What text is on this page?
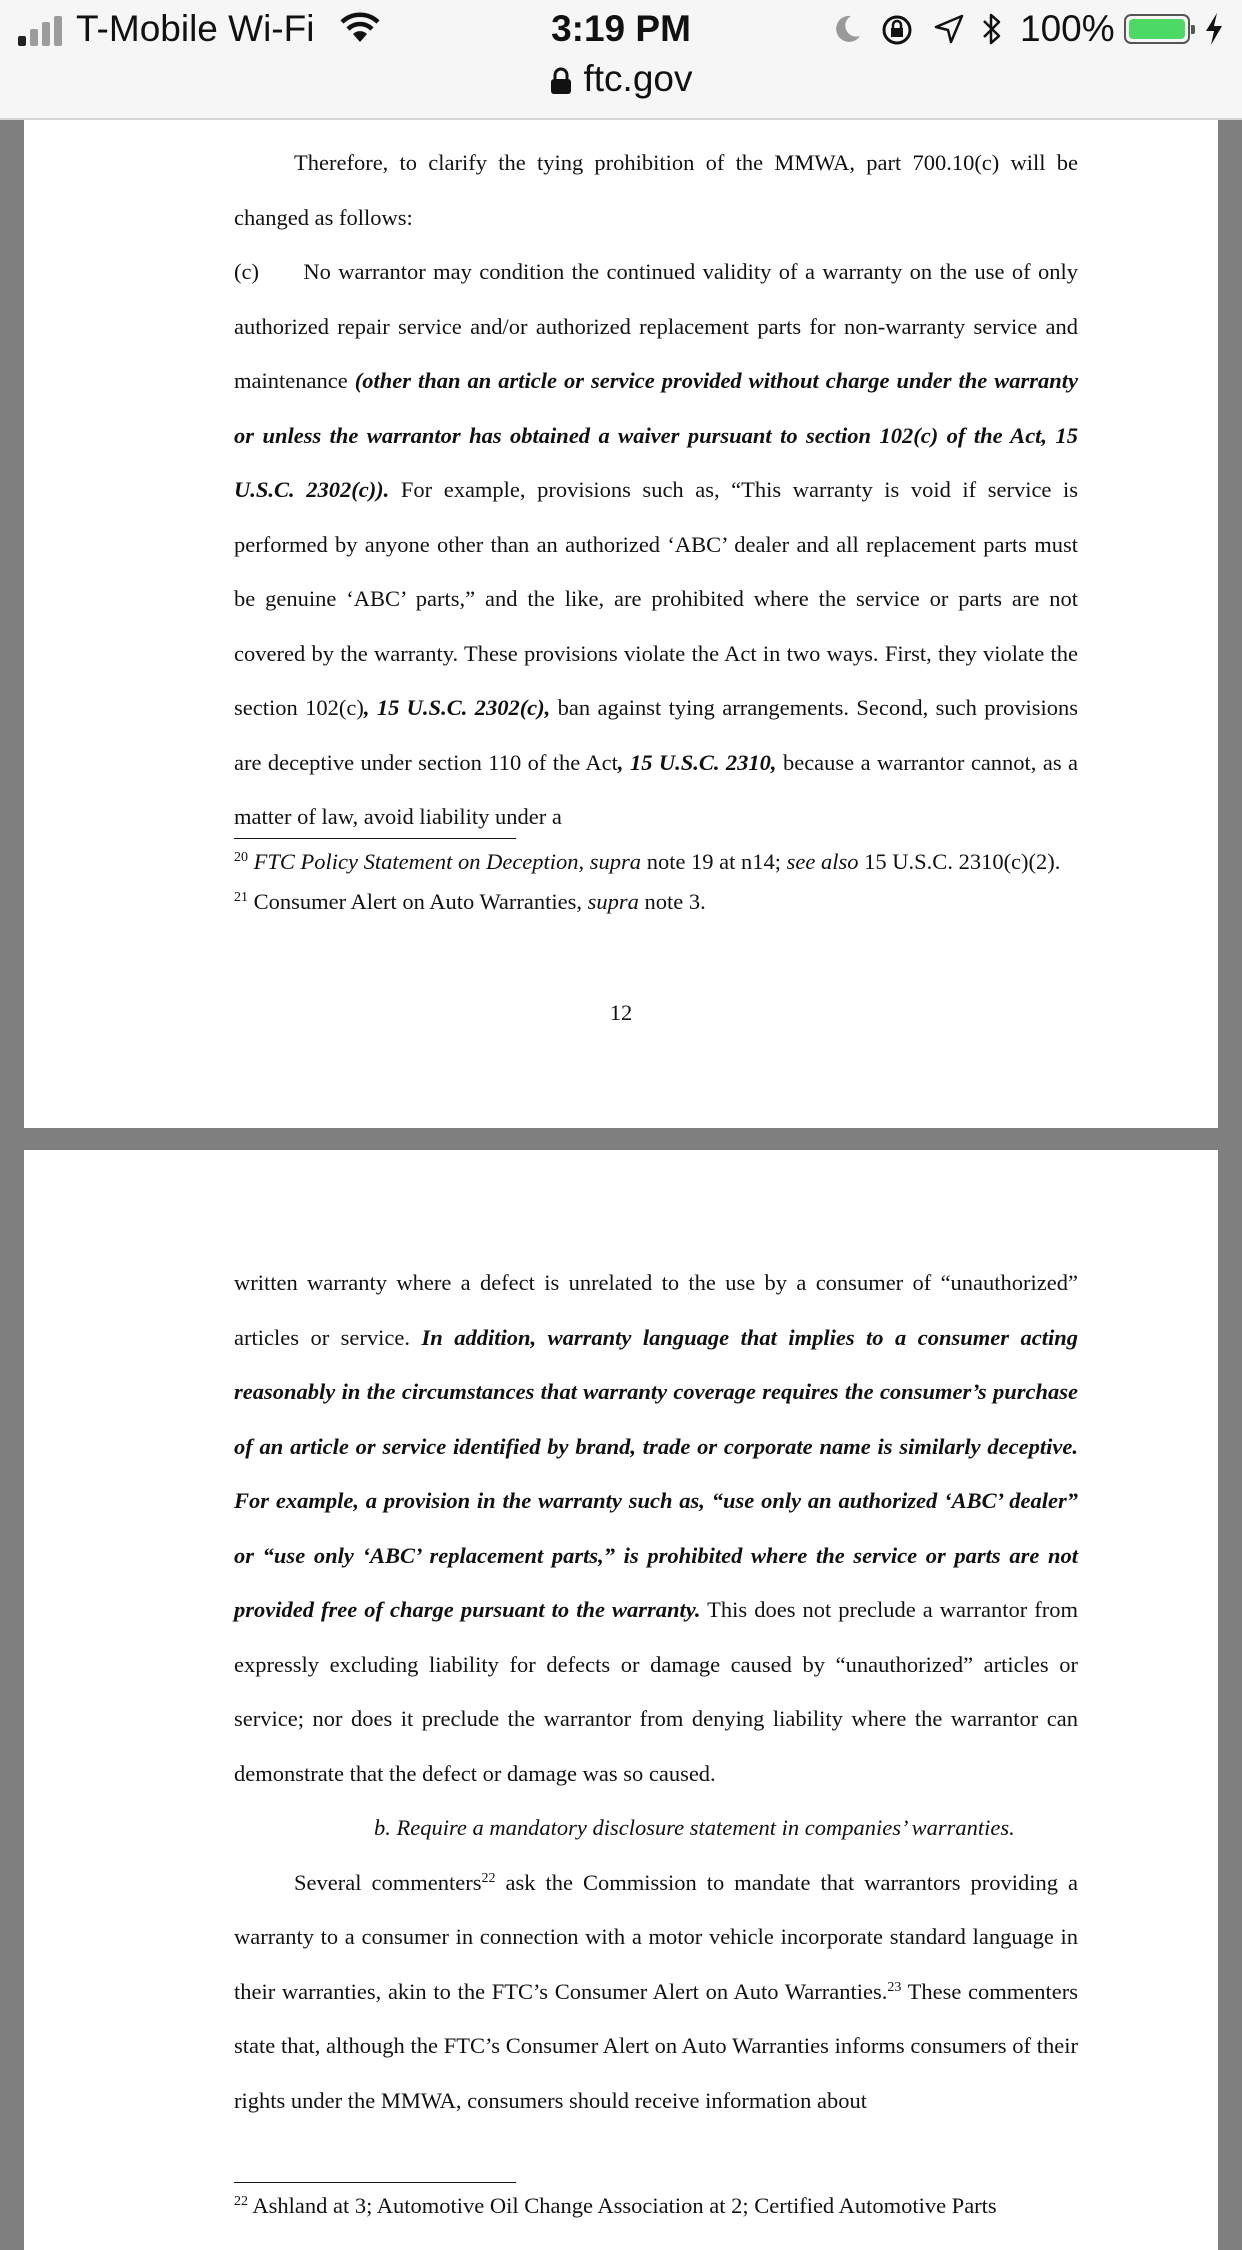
T-Mobile Wi-Fi	3:19 PM	100%
ftc.gov

Therefore, to clarify the tying prohibition of the MMWA, part 700.10(c) will be changed as follows:

(c) No warrantor may condition the continued validity of a warranty on the use of only authorized repair service and/or authorized replacement parts for non-warranty service and maintenance (other than an article or service provided without charge under the warranty or unless the warrantor has obtained a waiver pursuant to section 102(c) of the Act, 15 U.S.C. 2302(c)). For example, provisions such as, “This warranty is void if service is performed by anyone other than an authorized ‘ABC’ dealer and all replacement parts must be genuine ‘ABC’ parts,” and the like, are prohibited where the service or parts are not covered by the warranty. These provisions violate the Act in two ways. First, they violate the section 102(c), 15 U.S.C. 2302(c), ban against tying arrangements. Second, such provisions are deceptive under section 110 of the Act, 15 U.S.C. 2310, because a warrantor cannot, as a matter of law, avoid liability under a

$^{20}$ FTC Policy Statement on Deception, supra note 19 at n14; see also 15 U.S.C. 2310(c)(2).

$^{21}$ Consumer Alert on Auto Warranties, supra note 3.

12

written warranty where a defect is unrelated to the use by a consumer of “unauthorized” articles or service. In addition, warranty language that implies to a consumer acting reasonably in the circumstances that warranty coverage requires the consumer’s purchase of an article or service identified by brand, trade or corporate name is similarly deceptive. For example, a provision in the warranty such as, “use only an authorized ‘ABC’ dealer” or “use only ‘ABC’ replacement parts,” is prohibited where the service or parts are not provided free of charge pursuant to the warranty. This does not preclude a warrantor from expressly excluding liability for defects or damage caused by “unauthorized” articles or service; nor does it preclude the warrantor from denying liability where the warrantor can demonstrate that the defect or damage was so caused.

b. Require a mandatory disclosure statement in companies’ warranties.

Several commenters$^{22}$ ask the Commission to mandate that warrantors providing a warranty to a consumer in connection with a motor vehicle incorporate standard language in their warranties, akin to the FTC’s Consumer Alert on Auto Warranties.$^{23}$ These commenters state that, although the FTC’s Consumer Alert on Auto Warranties informs consumers of their rights under the MMWA, consumers should receive information about

$^{22}$ Ashland at 3; Automotive Oil Change Association at 2; Certified Automotive Parts
